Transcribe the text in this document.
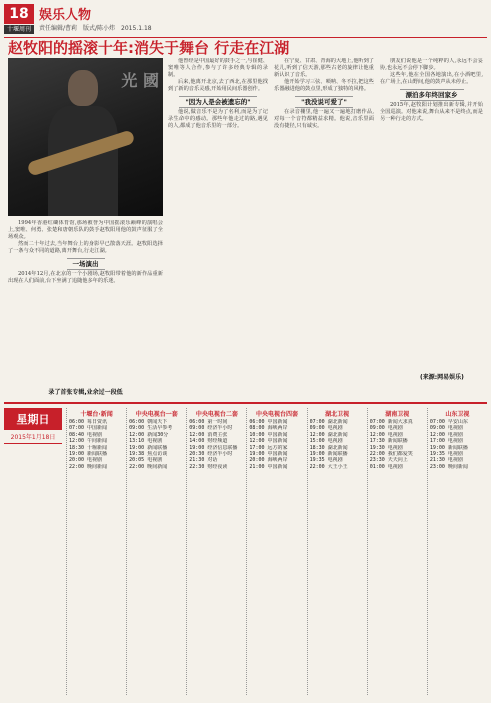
18
十堰周刊
娱乐人物
责任编辑/曹莉　版式/陈小炜　2015.1.18
赵牧阳的摇滚十年:消失于舞台 行走在江湖
光 國

1994年香港红磡体育馆,那场被誉为中国摇滚乐巅峰的演唱会上,窦唯、何勇、张楚和唐朝乐队的鼓手赵牧阳用他的鼓声征服了全场观众。

然而二十年过去,当年舞台上的身影早已散落天涯。赵牧阳选择了一条与众不同的道路,离开舞台,行走江湖。

一场演出

2014年12月,在北京的一个小剧场,赵牧阳带着他的新作品重新出现在人们面前,台下坐满了追随他多年的乐迷。

录了首张专辑,业余过一段低

他曾经是中国最好的鼓手之一,与崔健、窦唯等人合作,参与了许多经典专辑的录制。

后来,他离开北京,去了西北,在那里他找到了新的音乐灵感,开始用民间乐器创作。

"因为人是会被遗忘的"

他说,做音乐不是为了名利,而是为了记录生命中的感动。那些年他走过的路,遇见的人,都成了他音乐里的一部分。

在宁夏、甘肃、青海的大地上,他听到了花儿,听到了信天游,那些古老的旋律让他重新认识了音乐。

他开始学习三弦、唢呐、冬不拉,把这些乐器融进他的鼓点里,形成了独特的风格。

"我没说可爱了"

在录音棚里,他一遍又一遍地打磨作品,对每一个音符都精益求精。他说,音乐里面没有捷径,只有诚实。

朋友们说他是一个纯粹的人,永远不会妥协,也永远不会停下脚步。

这些年,他在全国各地演出,在小酒吧里,在广场上,在山野间,他的鼓声从未停止。

漂泊多年终回家乡

2015年,赵牧阳计划推出新专辑,并开始全国巡演。对他来说,舞台从来不是终点,而是另一种行走的方式。

(来源:网易娱乐)
星期日
2015年1月18日
十堰台·新闻
06:00 每日资讯
07:00 中国新闻
08:40 电视剧
12:00 午间新闻
18:30 十堰新闻
19:00 新闻联播
20:00 电视剧
22:00 晚间新闻
中央电视台一套
06:00 朝闻天下
09:00 生活早参考
12:00 新闻30分
13:10 电视剧
19:00 新闻联播
19:38 焦点访谈
20:05 电视剧
22:00 晚间新闻
中央电视台二套
06:00 第一时间
09:00 经济半小时
12:00 消费主张
14:00 财经频道
19:00 经济信息联播
20:30 经济半小时
21:30 对话
22:30 财经夜读
中央电视台四套
06:00 中国新闻
08:00 海峡两岸
10:00 中国新闻
12:00 中国新闻
17:00 远方的家
19:00 中国新闻
20:00 海峡两岸
21:00 中国新闻
湖北卫视
07:00 湖北新闻
09:00 电视剧
12:00 湖北新闻
15:00 电视剧
18:30 湖北新闻
19:00 新闻联播
19:35 电视剧
22:00 大王小王
湖南卫视
07:00 新闻大求真
09:00 电视剧
12:00 电视剧
17:30 新闻联播
19:30 电视剧
22:00 我们都爱笑
23:30 天天向上
01:00 电视剧
山东卫视
07:00 早安山东
09:00 电视剧
12:00 电视剧
17:00 电视剧
19:00 新闻联播
19:35 电视剧
21:30 电视剧
23:00 晚间新闻
